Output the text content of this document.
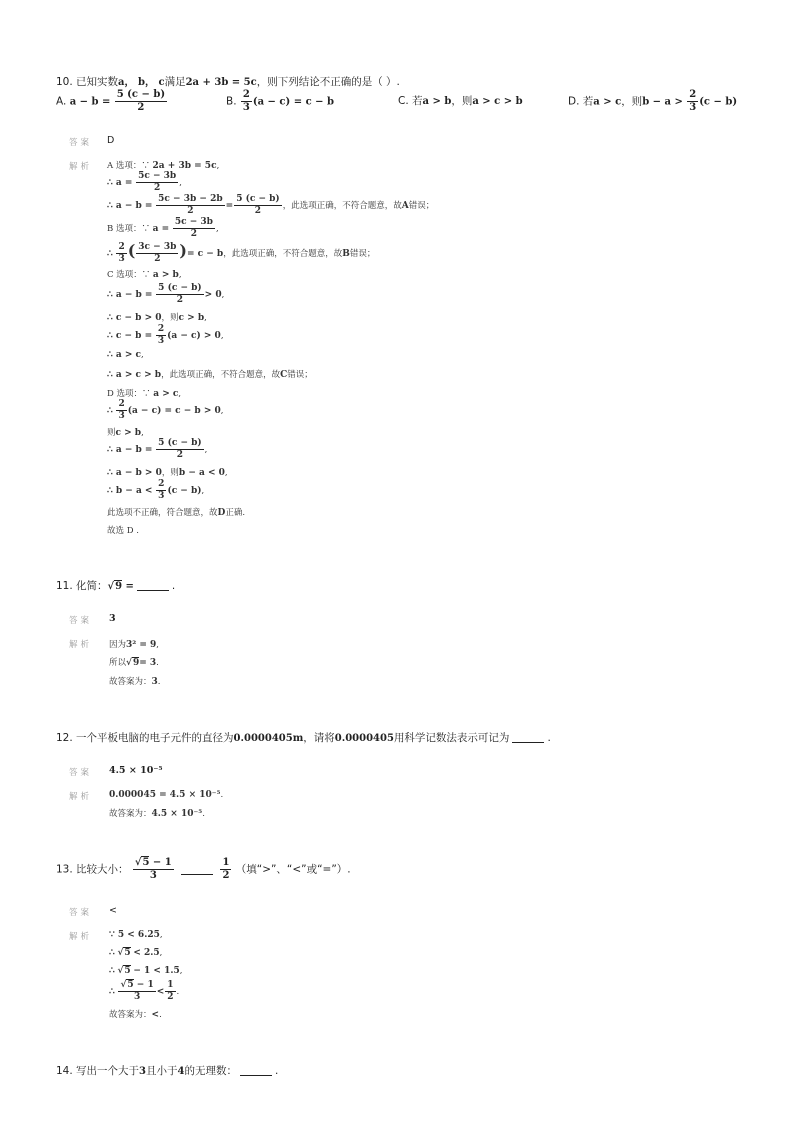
10. 已知实数a， b， c满足2a + 3b = 5c，则下列结论不正确的是（ ）.
A. $a - b = \frac{5 (c - b)}{2}$	B. $\frac{2}{3} (a - c) = c - b$	C. 若a > b，则a > c > b	D. 若a > c，则$b - a > \frac{2}{3} (c - b)$
答案 D
解析 A 选项：∵ 2a + 3b = 5c,
∴ $a = \frac{5c - 3b}{2}$ ,
∴ $a - b = \frac{5c - 3b - 2b}{2} = \frac{5 (c - b)}{2}$ ，此选项正确，不符合题意，故A错误；
B 选项：∵ $a = \frac{5c - 3b}{2}$ ,
∴ $\frac{2}{3}$ ( $\frac{3c - 3b}{2}$ )= c − b，此选项正确，不符合题意，故B错误；
C 选项：∵ a > b,
∴ $a - b = \frac{5 (c - b)}{2} > 0$,
∴ c − b > 0，则c > b,
∴ $c - b = \frac{2}{3} (a - c) > 0$,
∴ a > c,
∴ a > c > b，此选项正确，不符合题意，故C错误；
D 选项：∵ a > c,
∴ $\frac{2}{3} (a - c) = c - b > 0$,
则c > b,
∴ $a - b = \frac{5 (c - b)}{2}$ ,
∴ a − b > 0，则b − a < 0,
∴ $b - a < \frac{2}{3} (c - b)$,
此选项不正确，符合题意，故D正确.
故选 D .
11. 化简：√9 =	.
答案 3
解析 因为3² = 9,
所以√9= 3.
故答案为：3.
12. 一个平板电脑的电子元件的直径为0.0000405m，请将0.0000405用科学记数法表示可记为	.
答案 4.5 × 10⁻⁵
解析 0.000045 = 4.5 × 10⁻⁵.
故答案为：4.5 × 10⁻⁵.
13. 比较大小： $\frac{√5 - 1}{3}$
	$\frac{1}{2}$ （填“>”、“<”或“=”）.
答案 <
解析 ∵ 5 < 6.25,
∴ √5 < 2.5,
∴ √5 − 1 < 1.5,
∴ $\frac{√5 - 1}{3} < \frac{1}{2}$ .
故答案为：<.
14. 写出一个大于3且小于4的无理数：	.
